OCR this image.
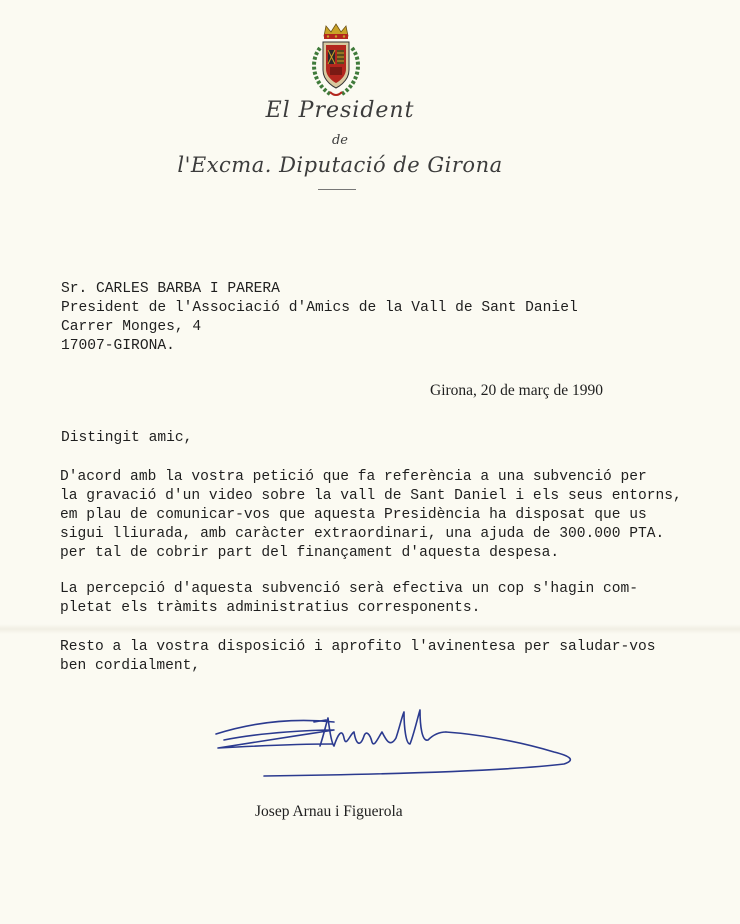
El President
de
l'Excma. Diputació de Girona
Sr. CARLES BARBA I PARERA
President de l'Associació d'Amics de la Vall de Sant Daniel
Carrer Monges, 4
17007-GIRONA.
Girona, 20 de març de 1990
Distingit amic,
D'acord amb la vostra petició que fa referència a una subvenció per
la gravació d'un video sobre la vall de Sant Daniel i els seus entorns,
em plau de comunicar-vos que aquesta Presidència ha disposat que us
sigui lliurada, amb caràcter extraordinari, una ajuda de 300.000 PTA.
per tal de cobrir part del finançament d'aquesta despesa.
La percepció d'aquesta subvenció serà efectiva un cop s'hagin com-
pletat els tràmits administratius corresponents.
Resto a la vostra disposició i aprofito l'avinentesa per saludar-vos
ben cordialment,
Josep Arnau i Figuerola
